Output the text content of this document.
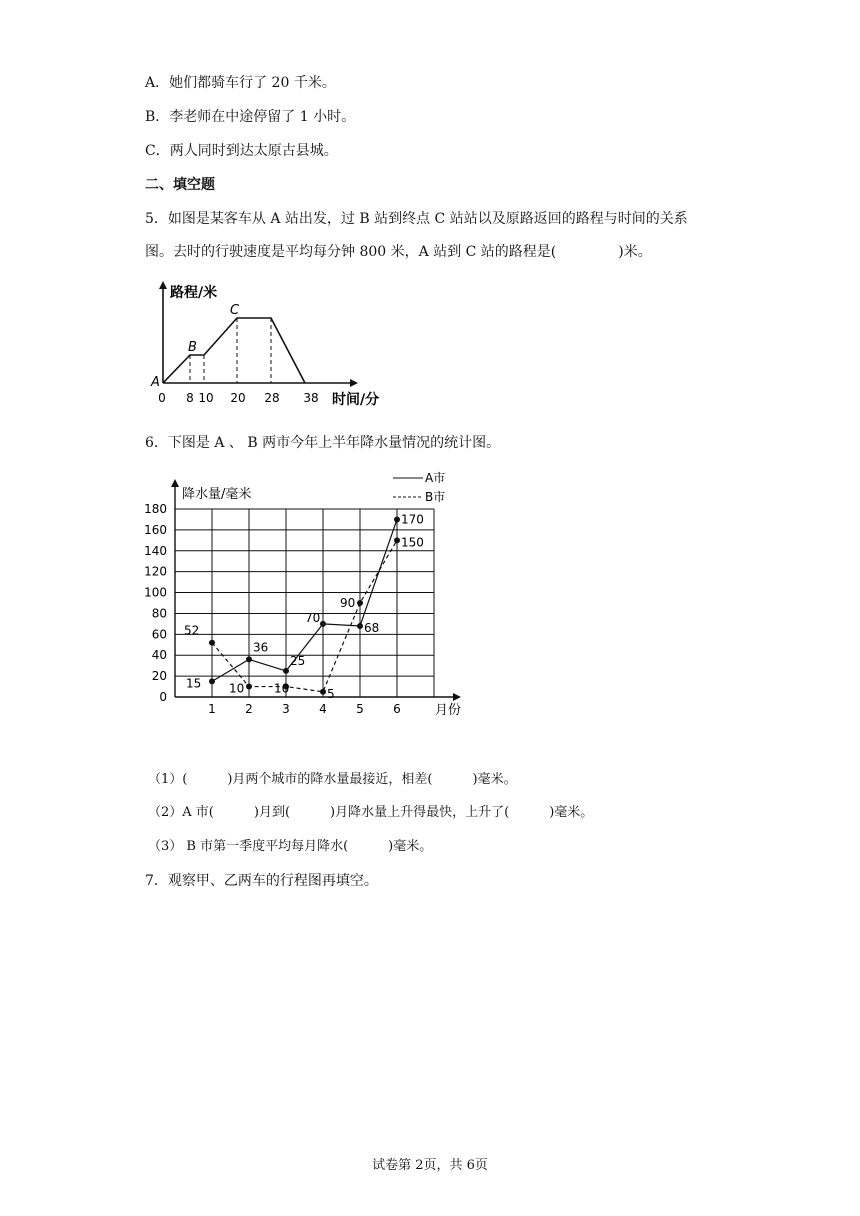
A．她们都骑车行了 20 千米。
B．李老师在中途停留了 1 小时。
C．两人同时到达太原古县城。
二、填空题
5．如图是某客车从 A 站出发，过 B 站到终点 C 站站以及原路返回的路程与时间的关系
图。去时的行驶速度是平均每分钟 800 米，A 站到 C 站的路程是(	)米。
路程/米
时间/分
A
B
C
0 8 10 20 28 38
6．下图是 A 、 B 两市今年上半年降水量情况的统计图。
降水量/毫米
月份
A市
B市
0
20
40
60
80
100
120
140
160
180
1 2 3 4 5 6
15
36
25
70
68
170
52
10 10	5
90
150
（1）(	)月两个城市的降水量最接近，相差(	)毫米。
（2）A 市(	)月到(	)月降水量上升得最快，上升了(	)毫米。
（3） B 市第一季度平均每月降水(	)毫米。
7．观察甲、乙两车的行程图再填空。
试卷第 2页，共 6页
